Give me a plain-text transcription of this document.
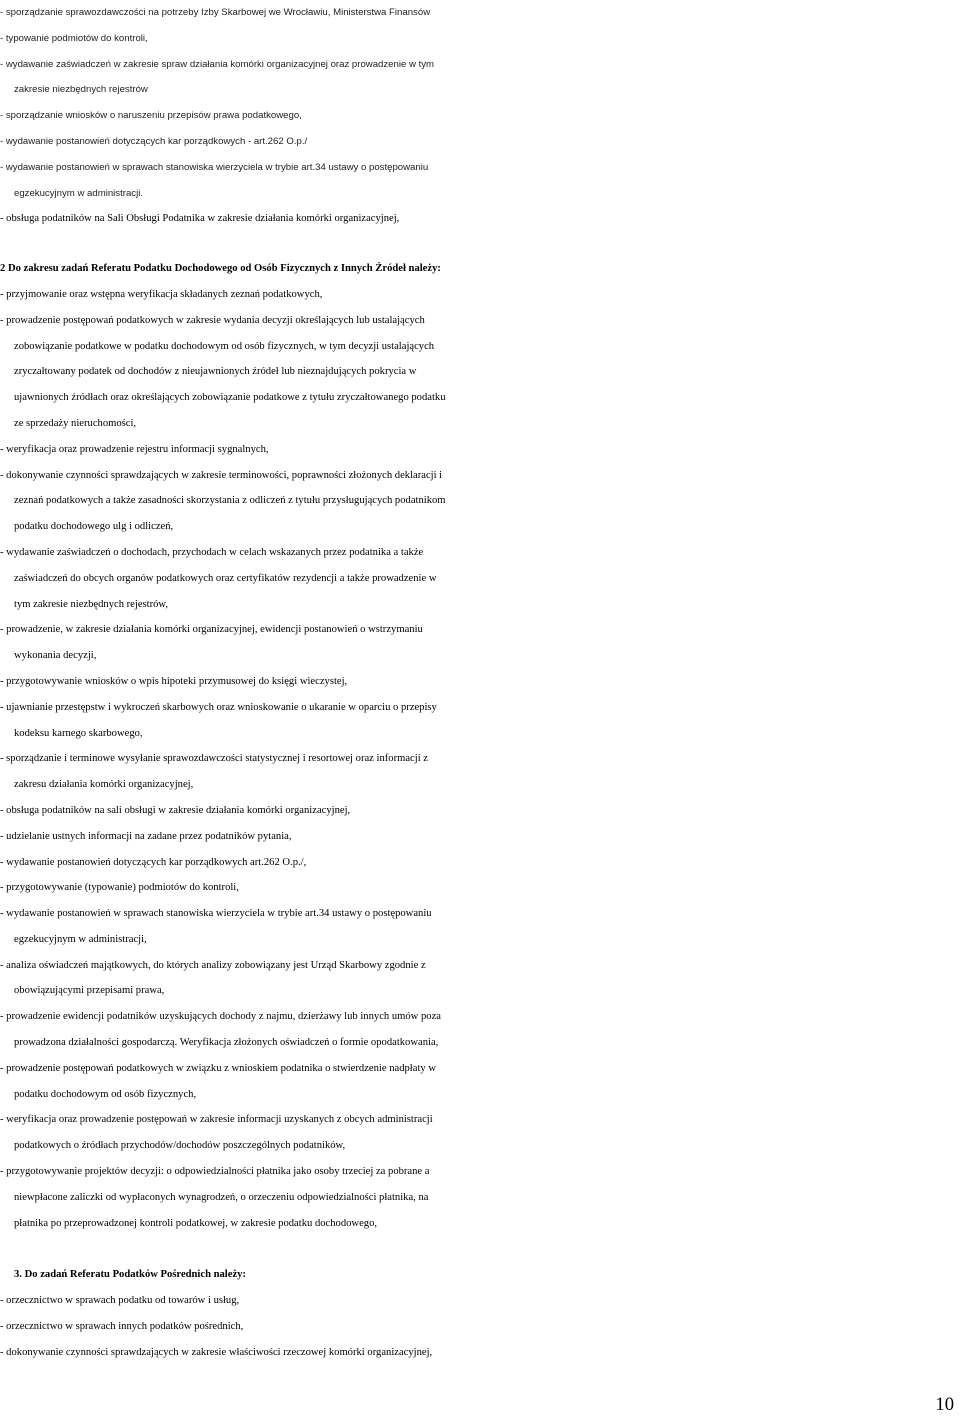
- sporządzanie sprawozdawczości na potrzeby Izby Skarbowej we Wrocławiu, Ministerstwa Finansów

- typowanie podmiotów do kontroli,

- wydawanie zaświadczeń w zakresie spraw działania komórki organizacyjnej oraz prowadzenie w tym

zakresie niezbędnych rejestrów

- sporządzanie wniosków o naruszeniu przepisów prawa podatkowego,

- wydawanie postanowień dotyczących kar porządkowych - art.262 O.p./

- wydawanie postanowień w sprawach stanowiska wierzyciela w trybie art.34 ustawy o postępowaniu

egzekucyjnym w administracji.

- obsługa podatników na Sali Obsługi Podatnika w zakresie działania komórki organizacyjnej,

2 Do zakresu zadań Referatu Podatku Dochodowego od Osób Fizycznych z Innych Źródeł należy:

- przyjmowanie oraz wstępna weryfikacja składanych zeznań podatkowych,

- prowadzenie postępowań podatkowych w zakresie wydania decyzji określających lub ustalających

zobowiązanie podatkowe w podatku dochodowym od osób fizycznych, w tym decyzji ustalających

zryczałtowany podatek od dochodów z nieujawnionych źródeł lub nieznajdujących pokrycia w

ujawnionych źródłach oraz określających zobowiązanie podatkowe z tytułu zryczałtowanego podatku

ze sprzedaży nieruchomości,

- weryfikacja oraz prowadzenie rejestru informacji sygnalnych,

- dokonywanie czynności sprawdzających w zakresie terminowości, poprawności złożonych deklaracji i

zeznań podatkowych a także zasadności skorzystania z odliczeń z tytułu przysługujących podatnikom

podatku dochodowego ulg i odliczeń,

- wydawanie zaświadczeń o dochodach, przychodach w celach wskazanych przez podatnika a także

zaświadczeń do obcych organów podatkowych oraz certyfikatów rezydencji a także prowadzenie w

tym zakresie niezbędnych rejestrów,

- prowadzenie, w zakresie działania komórki organizacyjnej, ewidencji postanowień o wstrzymaniu

wykonania decyzji,

- przygotowywanie wniosków o wpis hipoteki przymusowej do księgi wieczystej,

- ujawnianie przestępstw i wykroczeń skarbowych oraz wnioskowanie o ukaranie w oparciu o przepisy

kodeksu karnego skarbowego,

- sporządzanie i terminowe wysyłanie sprawozdawczości statystycznej i resortowej oraz informacji z

zakresu działania komórki organizacyjnej,

- obsługa podatników na sali obsługi w zakresie działania komórki organizacyjnej,

- udzielanie ustnych informacji na zadane przez podatników pytania,

- wydawanie postanowień dotyczących kar porządkowych art.262 O.p./,

- przygotowywanie (typowanie) podmiotów do kontroli,

- wydawanie postanowień w sprawach stanowiska wierzyciela w trybie art.34 ustawy o postępowaniu

egzekucyjnym w administracji,

- analiza oświadczeń majątkowych, do których analizy zobowiązany jest Urząd Skarbowy zgodnie z

obowiązującymi przepisami prawa,

- prowadzenie ewidencji podatników uzyskujących dochody z najmu, dzierżawy lub innych umów poza

prowadzona działalności gospodarczą. Weryfikacja złożonych oświadczeń o formie opodatkowania,

- prowadzenie postępowań podatkowych w związku z wnioskiem podatnika o stwierdzenie nadpłaty w

podatku dochodowym od osób fizycznych,

- weryfikacja oraz prowadzenie postępowań w zakresie informacji uzyskanych z obcych administracji

podatkowych o źródłach przychodów/dochodów poszczególnych podatników,

- przygotowywanie projektów decyzji: o odpowiedzialności płatnika jako osoby trzeciej za pobrane a

niewpłacone zaliczki od wypłaconych wynagrodzeń, o orzeczeniu odpowiedzialności płatnika, na

płatnika po przeprowadzonej kontroli podatkowej, w zakresie podatku dochodowego,

3. Do zadań Referatu Podatków Pośrednich należy:

- orzecznictwo w sprawach podatku od towarów i usług,

- orzecznictwo w sprawach innych podatków pośrednich,

- dokonywanie czynności sprawdzających w zakresie właściwości rzeczowej komórki organizacyjnej,

10
